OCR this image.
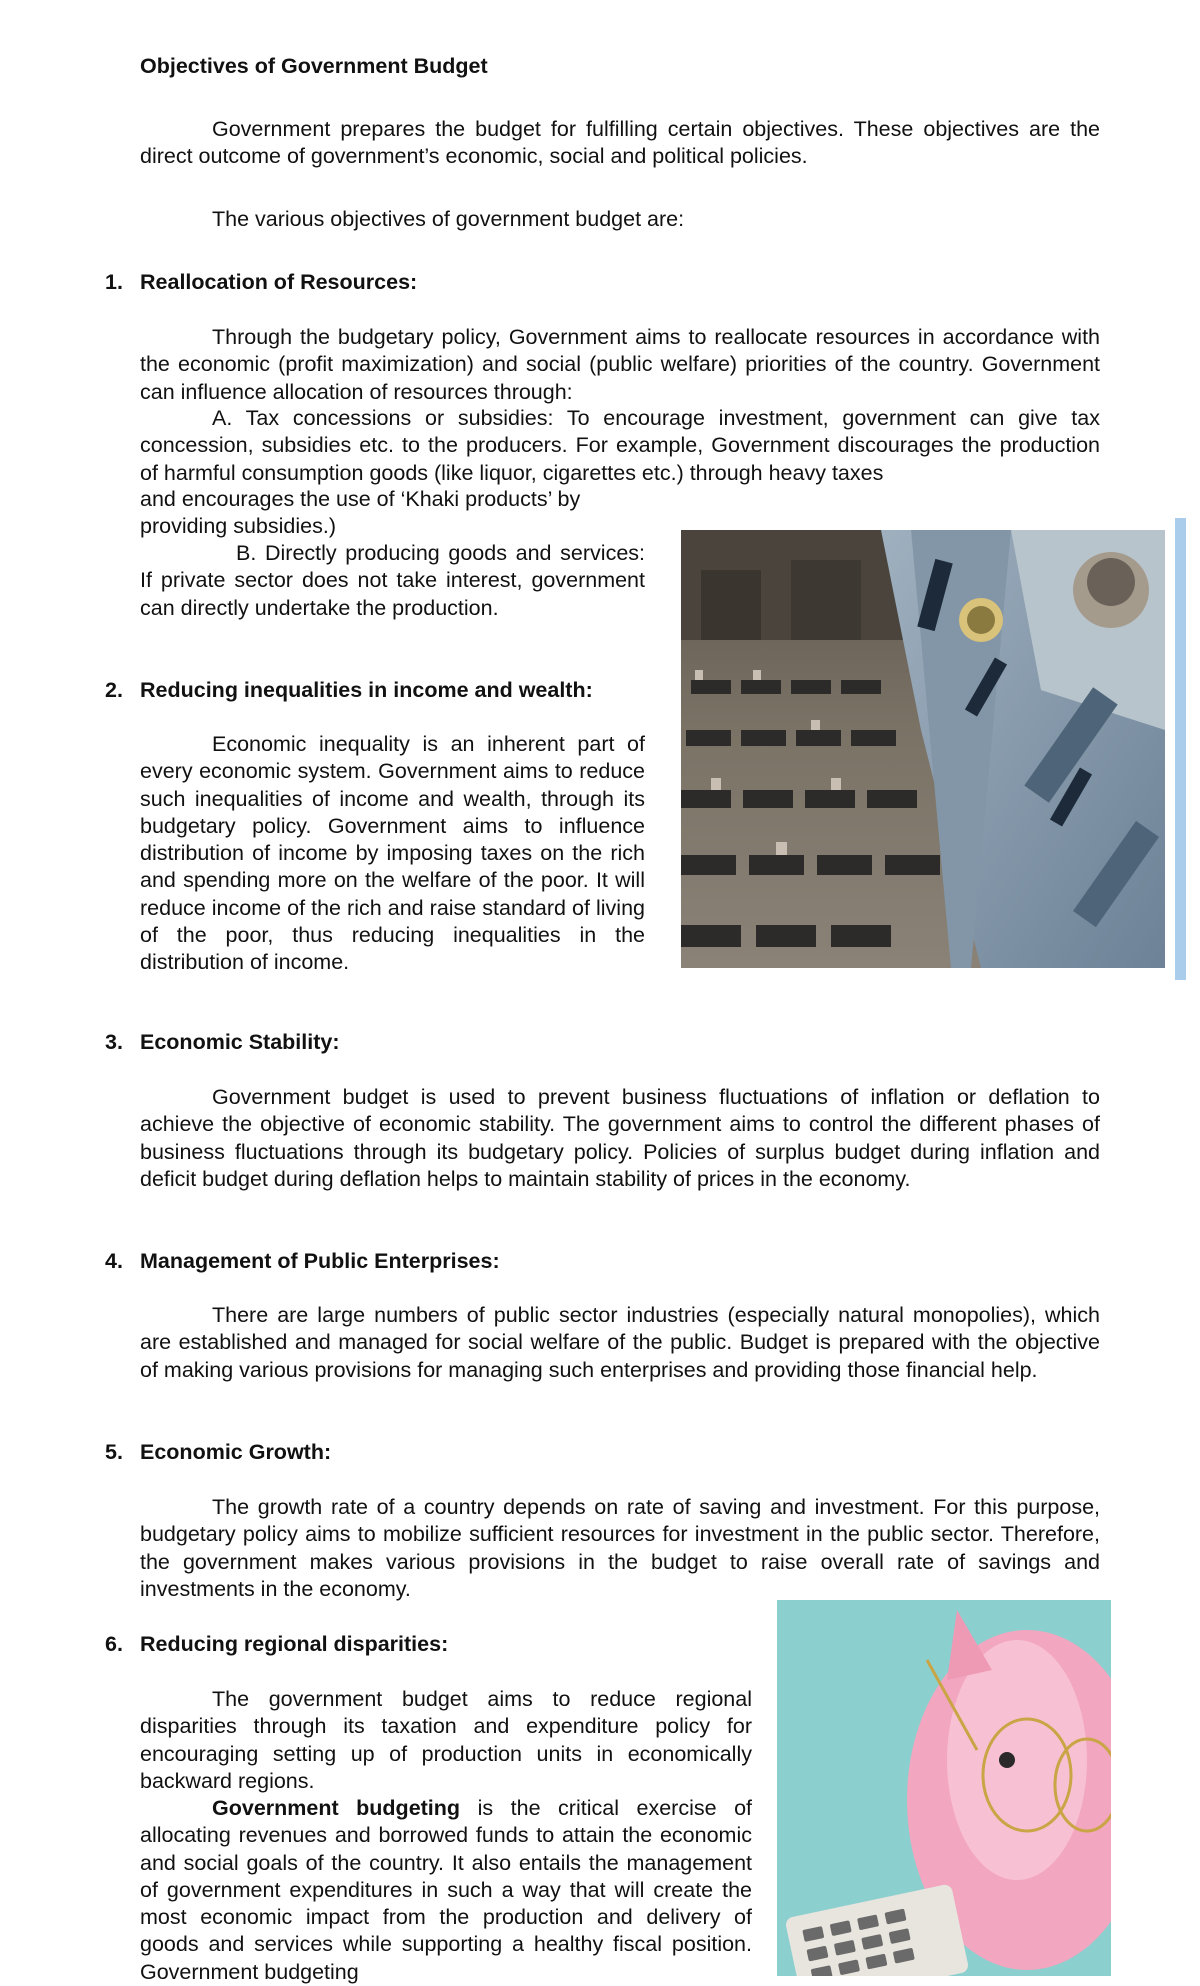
Objectives of Government Budget
Government prepares the budget for fulfilling certain objectives. These objectives are the direct outcome of government’s economic, social and political policies.
The various objectives of government budget are:
1. Reallocation of Resources:
Through the budgetary policy, Government aims to reallocate resources in accordance with the economic (profit maximization) and social (public welfare) priorities of the country. Government can influence allocation of resources through:
A. Tax concessions or subsidies: To encourage investment, government can give tax concession, subsidies etc. to the producers. For example, Government discourages the production of harmful consumption goods (like liquor, cigarettes etc.) through heavy taxes
and encourages the use of ‘Khaki products’ by
providing subsidies.)
B. Directly producing goods and services: If private sector does not take interest, government can directly undertake the production.
2. Reducing inequalities in income and wealth:
Economic inequality is an inherent part of every economic system. Government aims to reduce such inequalities of income and wealth, through its budgetary policy. Government aims to influence distribution of income by imposing taxes on the rich and spending more on the welfare of the poor. It will reduce income of the rich and raise standard of living of the poor, thus reducing inequalities in the distribution of income.
3. Economic Stability:
Government budget is used to prevent business fluctuations of inflation or deflation to achieve the objective of economic stability. The government aims to control the different phases of business fluctuations through its budgetary policy. Policies of surplus budget during inflation and deficit budget during deflation helps to maintain stability of prices in the economy.
4. Management of Public Enterprises:
There are large numbers of public sector industries (especially natural monopolies), which are established and managed for social welfare of the public. Budget is prepared with the objective of making various provisions for managing such enterprises and providing those financial help.
5. Economic Growth:
The growth rate of a country depends on rate of saving and investment. For this purpose, budgetary policy aims to mobilize sufficient resources for investment in the public sector. Therefore, the government makes various provisions in the budget to raise overall rate of savings and investments in the economy.
6. Reducing regional disparities:
The government budget aims to reduce regional disparities through its taxation and expenditure policy for encouraging setting up of production units in economically backward regions.
Government budgeting is the critical exercise of allocating revenues and borrowed funds to attain the economic and social goals of the country. It also entails the management of government expenditures in such a way that will create the most economic impact from the production and delivery of goods and services while supporting a healthy fiscal position. Government budgeting
